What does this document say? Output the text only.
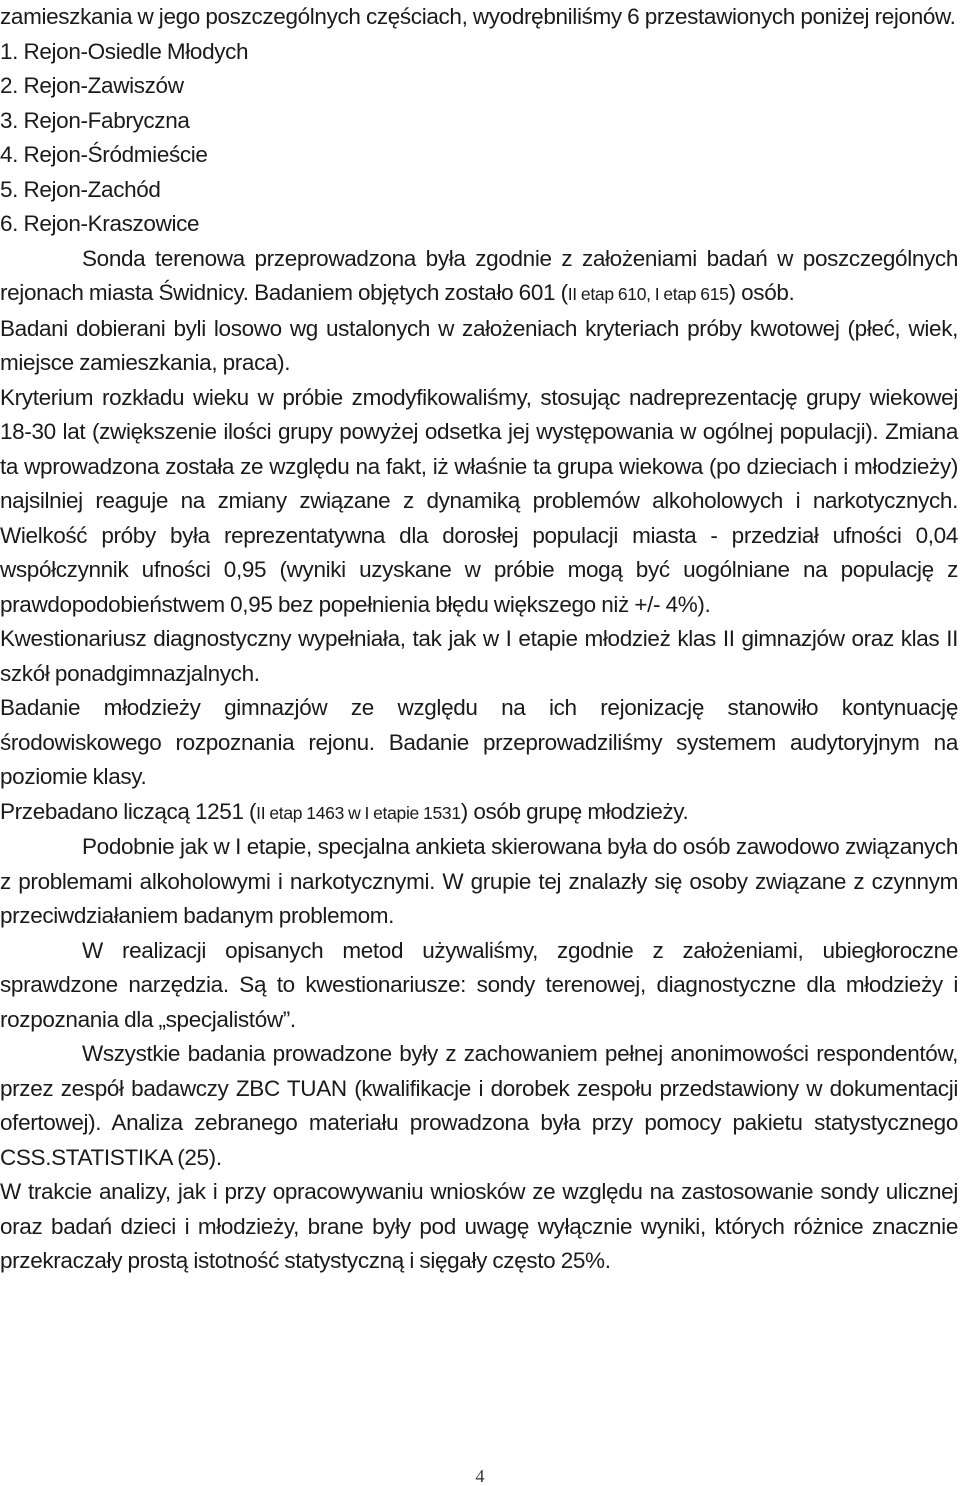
zamieszkania w jego poszczególnych częściach, wyodrębniliśmy 6 przestawionych poniżej rejonów.

1. Rejon-Osiedle Młodych

2. Rejon-Zawiszów

3. Rejon-Fabryczna

4. Rejon-Śródmieście

5. Rejon-Zachód

6. Rejon-Kraszowice

Sonda terenowa przeprowadzona była zgodnie z założeniami badań w poszczególnych rejonach miasta Świdnicy. Badaniem objętych zostało 601 (II etap 610, I etap 615) osób.

Badani dobierani byli losowo wg ustalonych w założeniach kryteriach próby kwotowej (płeć, wiek, miejsce zamieszkania, praca).

Kryterium rozkładu wieku w próbie zmodyfikowaliśmy, stosując nadreprezentację grupy wiekowej 18-30 lat (zwiększenie ilości grupy powyżej odsetka jej występowania w ogólnej populacji). Zmiana ta wprowadzona została ze względu na fakt, iż właśnie ta grupa wiekowa (po dzieciach i młodzieży) najsilniej reaguje na zmiany związane z dynamiką problemów alkoholowych i narkotycznych. Wielkość próby była reprezentatywna dla dorosłej populacji miasta - przedział ufności 0,04 współczynnik ufności 0,95 (wyniki uzyskane w próbie mogą być uogólniane na populację z prawdopodobieństwem 0,95 bez popełnienia błędu większego niż +/- 4%).

Kwestionariusz diagnostyczny wypełniała, tak jak w I etapie młodzież klas II gimnazjów oraz klas II szkół ponadgimnazjalnych.

Badanie młodzieży gimnazjów ze względu na ich rejonizację stanowiło kontynuację środowiskowego rozpoznania rejonu. Badanie przeprowadziliśmy systemem audytoryjnym na poziomie klasy.

Przebadano liczącą 1251 (II etap 1463 w I etapie 1531) osób grupę młodzieży.

Podobnie jak w I etapie, specjalna ankieta skierowana była do osób zawodowo związanych z problemami alkoholowymi i narkotycznymi. W grupie tej znalazły się osoby związane z czynnym przeciwdziałaniem badanym problemom.

W realizacji opisanych metod używaliśmy, zgodnie z założeniami, ubiegłoroczne sprawdzone narzędzia. Są to kwestionariusze: sondy terenowej, diagnostyczne dla młodzieży i rozpoznania dla „specjalistów”.

Wszystkie badania prowadzone były z zachowaniem pełnej anonimowości respondentów, przez zespół badawczy ZBC TUAN (kwalifikacje i dorobek zespołu przedstawiony w dokumentacji ofertowej). Analiza zebranego materiału prowadzona była przy pomocy pakietu statystycznego CSS.STATISTIKA (25).

W trakcie analizy, jak i przy opracowywaniu wniosków ze względu na zastosowanie sondy ulicznej oraz badań dzieci i młodzieży, brane były pod uwagę wyłącznie wyniki, których różnice znacznie przekraczały prostą istotność statystyczną i sięgały często 25%.

4
